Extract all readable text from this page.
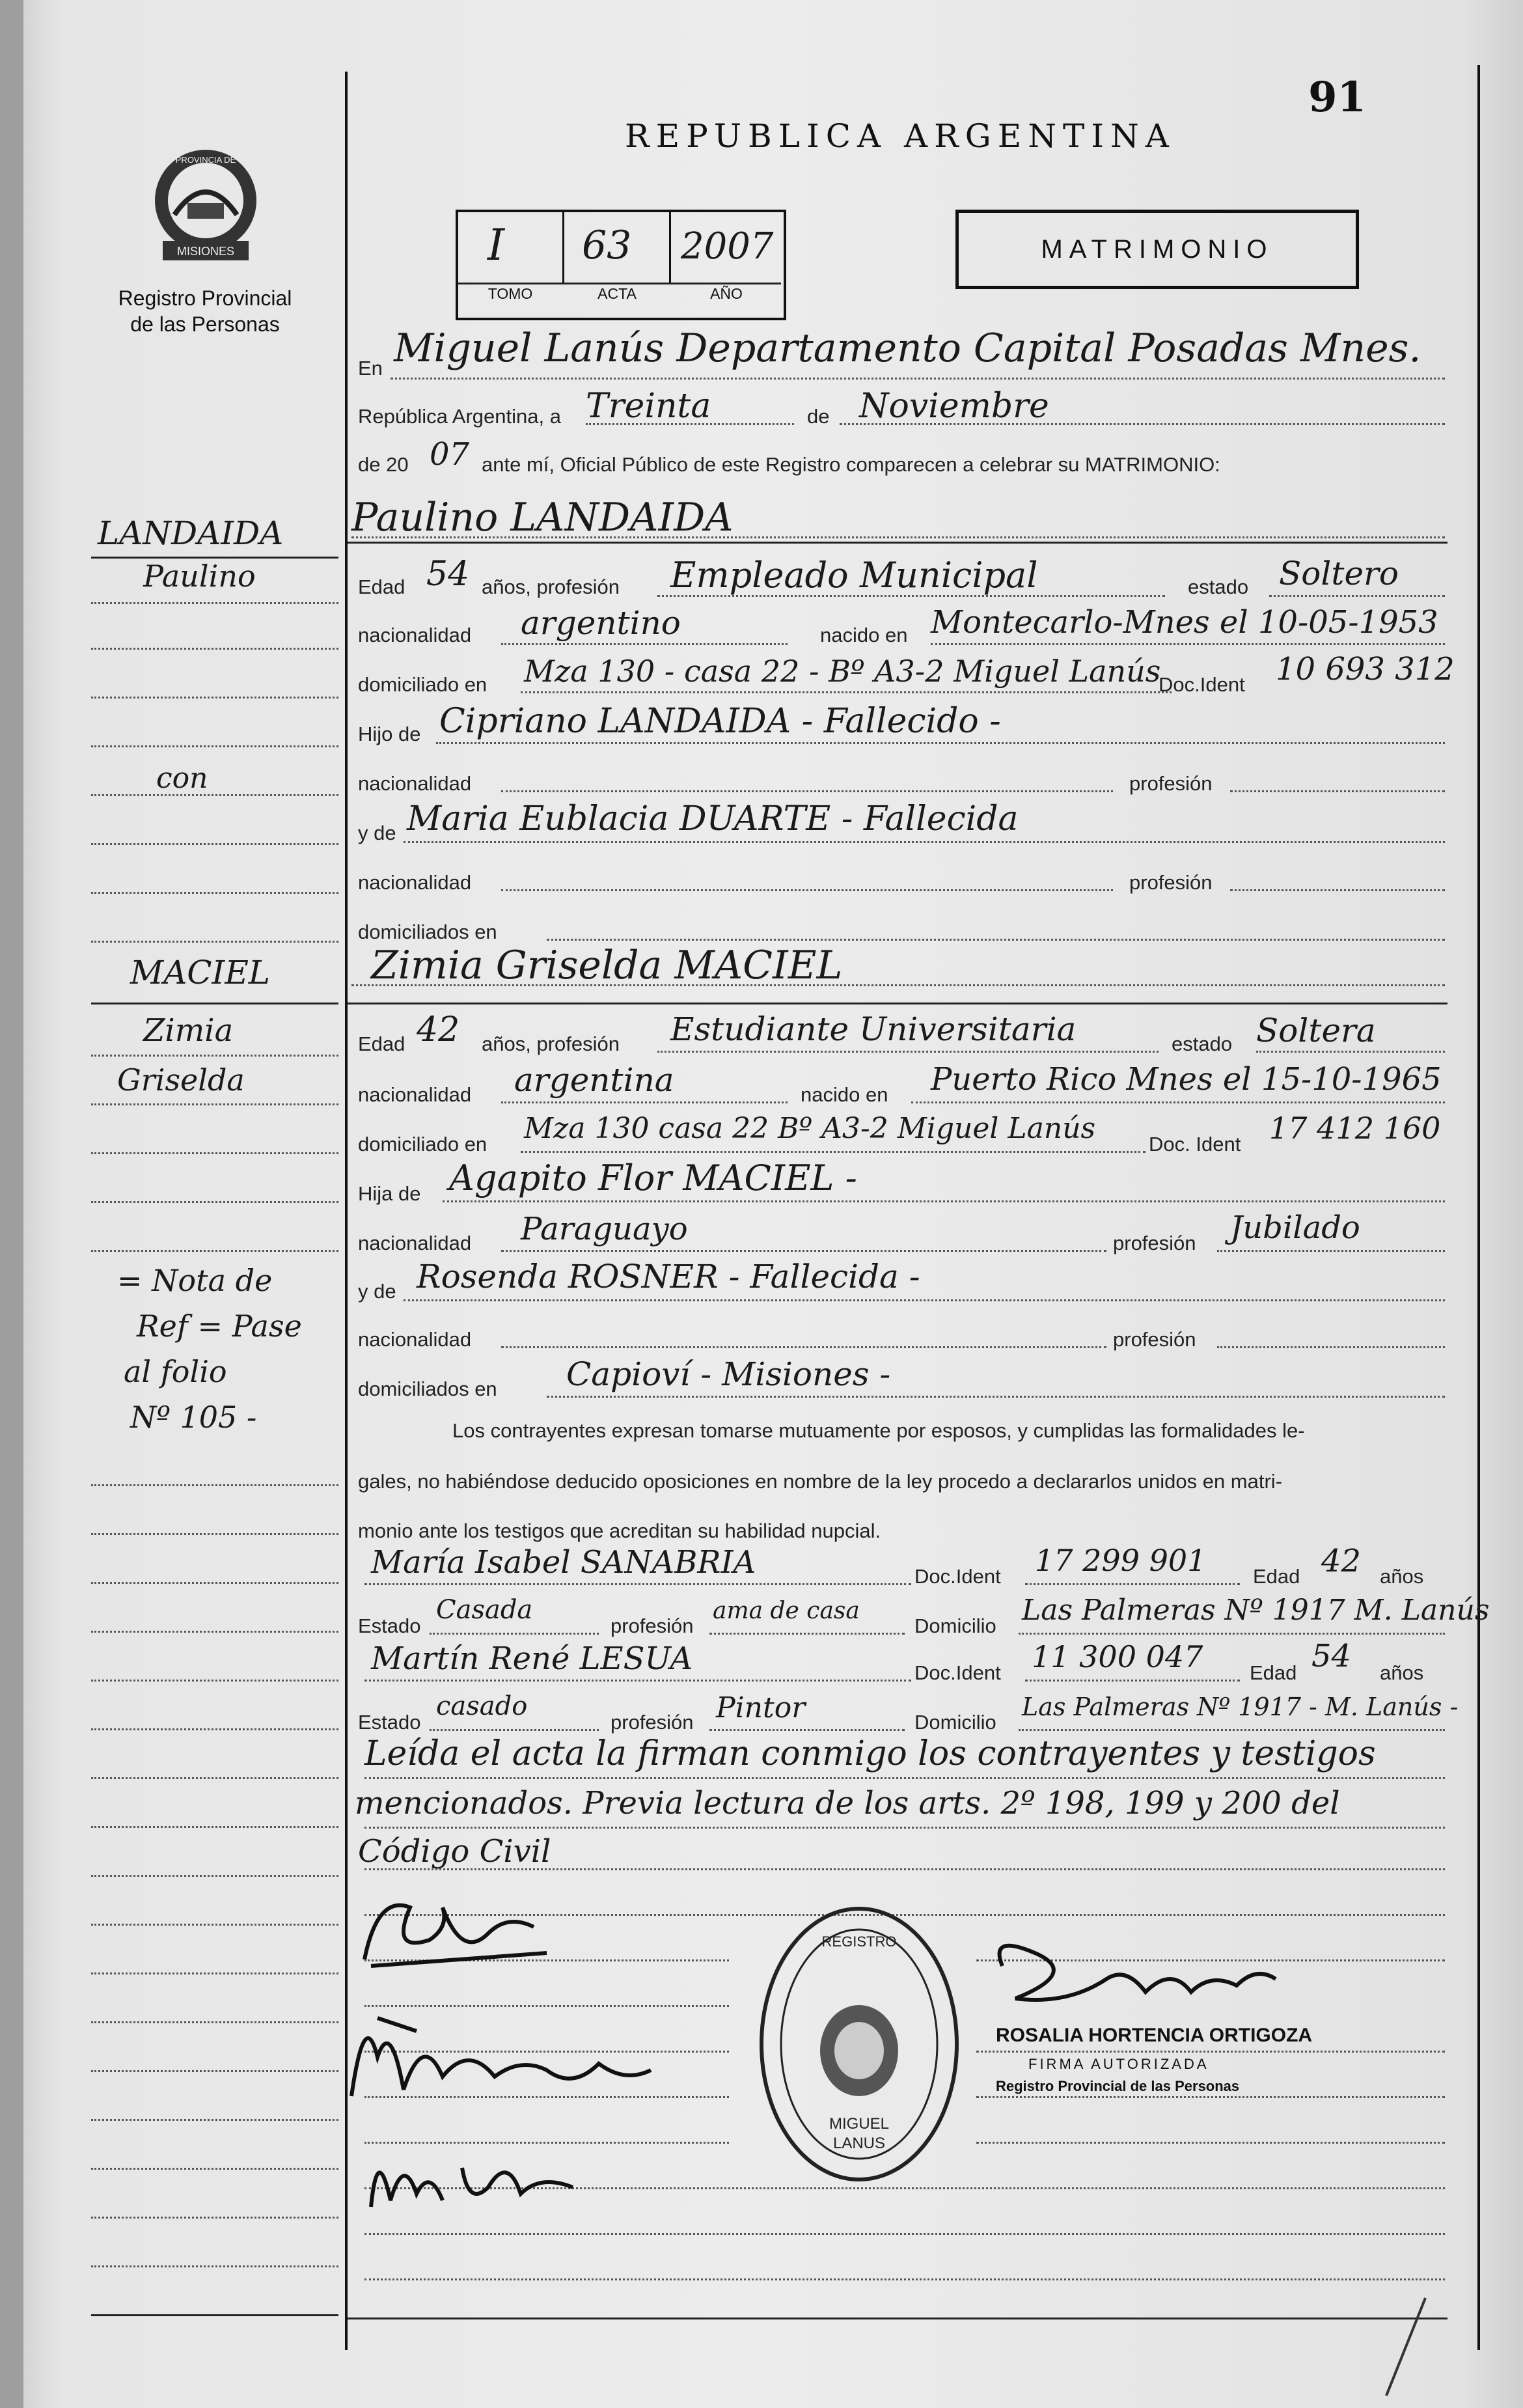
91
REPUBLICA ARGENTINA
MISIONES
PROVINCIA DE
Registro Provincial
de las Personas
I 63 2007
TOMO	ACTA	AÑO
MATRIMONIO
LANDAIDA
Paulino
con
MACIEL
Zimia
Griselda
= Nota de
Ref = Pase
al folio
Nº 105 -
En Miguel Lanús Departamento Capital Posadas Mnes.
República Argentina, a Treinta	de Noviembre
de 20 07 ante mí, Oficial Público de este Registro comparecen a celebrar su MATRIMONIO:
Paulino LANDAIDA
Edad 54 años, profesión Empleado Municipal	estado Soltero
nacionalidad argentino	nacido en Montecarlo-Mnes el 10-05-1953
domiciliado en Mza 130 - casa 22 - Bº A3-2 Miguel Lanús
Doc.Ident 10 693 312
Hijo de Cipriano LANDAIDA - Fallecido -
nacionalidad	profesión
y de Maria Eublacia DUARTE - Fallecida
nacionalidad	profesión
domiciliados en
Zimia Griselda MACIEL
Edad 42 años, profesión Estudiante Universitaria	estado Soltera
nacionalidad argentina	nacido en Puerto Rico Mnes el 15-10-1965
domiciliado en Mza 130 casa 22 Bº A3-2 Miguel Lanús	Doc. Ident 17 412 160
Hija de Agapito Flor MACIEL -
nacionalidad Paraguayo	profesión Jubilado
y de Rosenda ROSNER - Fallecida -
nacionalidad	profesión
domiciliados en Capioví - Misiones -
Los contrayentes expresan tomarse mutuamente por esposos, y cumplidas las formalidades le-
gales, no habiéndose deducido oposiciones en nombre de la ley procedo a declararlos unidos en matri-
monio ante los testigos que acreditan su habilidad nupcial.
María Isabel SANABRIA	Doc.Ident 17 299 901 Edad 42 años
Estado
Casada
profesión
ama de casa
Domicilio Las Palmeras Nº 1917 M. Lanús
Martín René LESUA	Doc.Ident 11 300 047 Edad 54 años
Estado
casado
profesión Pintor	Domicilio
Las Palmeras Nº 1917 - M. Lanús -
Leída el acta la firman conmigo los contrayentes y testigos
mencionados. Previa lectura de los arts. 2º 198, 199 y 200 del
Código Civil
REGISTRO
MIGUEL
LANUS
ROSALIA HORTENCIA ORTIGOZA
FIRMA AUTORIZADA
Registro Provincial de las Personas
